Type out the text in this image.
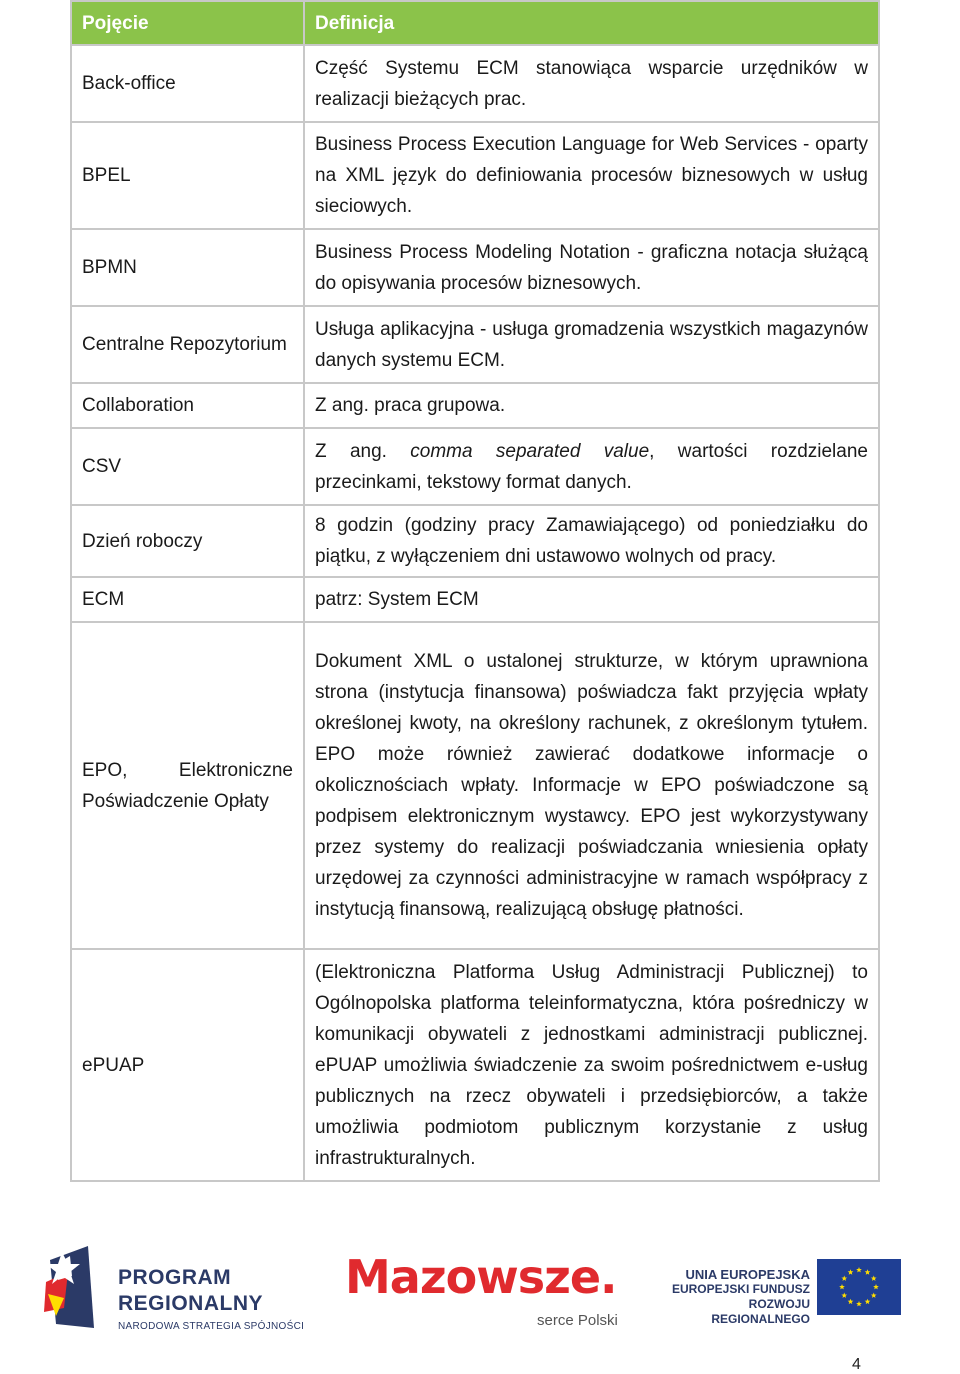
Pojęcie	Definicja
Back-office	Część Systemu ECM stanowiąca wsparcie urzędników w realizacji bieżących prac.
BPEL	Business Process Execution Language for Web Services - oparty na XML język do definiowania procesów biznesowych w usług sieciowych.
BPMN	Business Process Modeling Notation - graficzna notacja służącą do opisywania procesów biznesowych.
Centralne Repozytorium	Usługa aplikacyjna - usługa gromadzenia wszystkich magazynów danych systemu ECM.
Collaboration	Z ang. praca grupowa.
CSV	Z ang. comma separated value, wartości rozdzielane przecinkami, tekstowy format danych.
Dzień roboczy	8 godzin (godziny pracy Zamawiającego) od poniedziałku do piątku, z wyłączeniem dni ustawowo wolnych od pracy.
ECM	patrz: System ECM
EPO, Elektroniczne Poświadczenie Opłaty	Dokument XML o ustalonej strukturze, w którym uprawniona strona (instytucja finansowa) poświadcza fakt przyjęcia wpłaty określonej kwoty, na określony rachunek, z określonym tytułem. EPO może również zawierać dodatkowe informacje o okolicznościach wpłaty. Informacje w EPO poświadczone są podpisem elektronicznym wystawcy. EPO jest wykorzystywany przez systemy do realizacji poświadczania wniesienia opłaty urzędowej za czynności administracyjne w ramach współpracy z instytucją finansową, realizującą obsługę płatności.
ePUAP	(Elektroniczna Platforma Usług Administracji Publicznej) to Ogólnopolska platforma teleinformatyczna, która pośredniczy w komunikacji obywateli z jednostkami administracji publicznej. ePUAP umożliwia świadczenie za swoim pośrednictwem e-usług publicznych na rzecz obywateli i przedsiębiorców, a także umożliwia podmiotom publicznym korzystanie z usług infrastrukturalnych.
PROGRAM
REGIONALNY
NARODOWA STRATEGIA SPÓJNOŚCI
Mazowsze.
serce Polski
UNIA EUROPEJSKA
EUROPEJSKI FUNDUSZ
ROZWOJU REGIONALNEGO
4
